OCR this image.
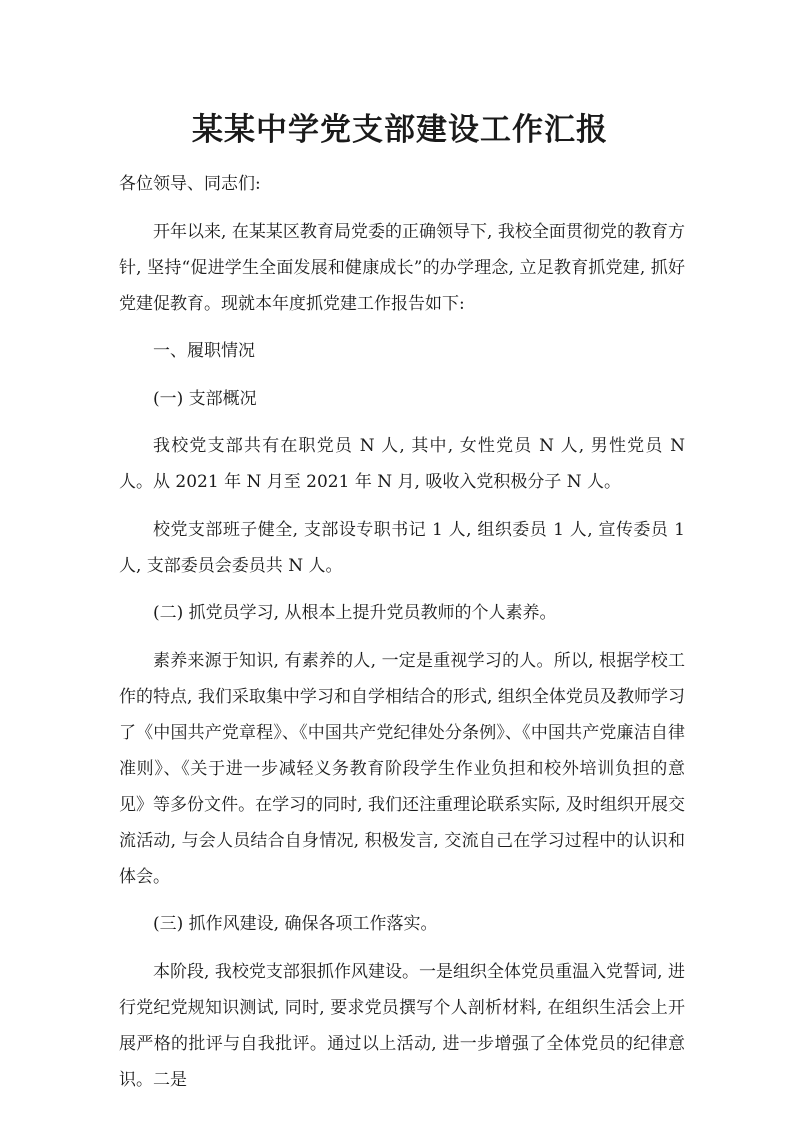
某某中学党支部建设工作汇报

各位领导、同志们:

开年以来, 在某某区教育局党委的正确领导下, 我校全面贯彻党的教育方针, 坚持“促进学生全面发展和健康成长”的办学理念, 立足教育抓党建, 抓好党建促教育。现就本年度抓党建工作报告如下:

一、履职情况

(一) 支部概况

我校党支部共有在职党员 N 人, 其中, 女性党员 N 人, 男性党员 N 人。从 2021 年 N 月至 2021 年 N 月, 吸收入党积极分子 N 人。

校党支部班子健全, 支部设专职书记 1 人, 组织委员 1 人, 宣传委员 1 人, 支部委员会委员共 N 人。

(二) 抓党员学习, 从根本上提升党员教师的个人素养。

素养来源于知识, 有素养的人, 一定是重视学习的人。所以, 根据学校工作的特点, 我们采取集中学习和自学相结合的形式, 组织全体党员及教师学习了《中国共产党章程》、《中国共产党纪律处分条例》、《中国共产党廉洁自律准则》、《关于进一步减轻义务教育阶段学生作业负担和校外培训负担的意见》等多份文件。在学习的同时, 我们还注重理论联系实际, 及时组织开展交流活动, 与会人员结合自身情况, 积极发言, 交流自己在学习过程中的认识和体会。

(三) 抓作风建设, 确保各项工作落实。

本阶段, 我校党支部狠抓作风建设。一是组织全体党员重温入党誓词, 进行党纪党规知识测试, 同时, 要求党员撰写个人剖析材料, 在组织生活会上开展严格的批评与自我批评。通过以上活动, 进一步增强了全体党员的纪律意识。二是
